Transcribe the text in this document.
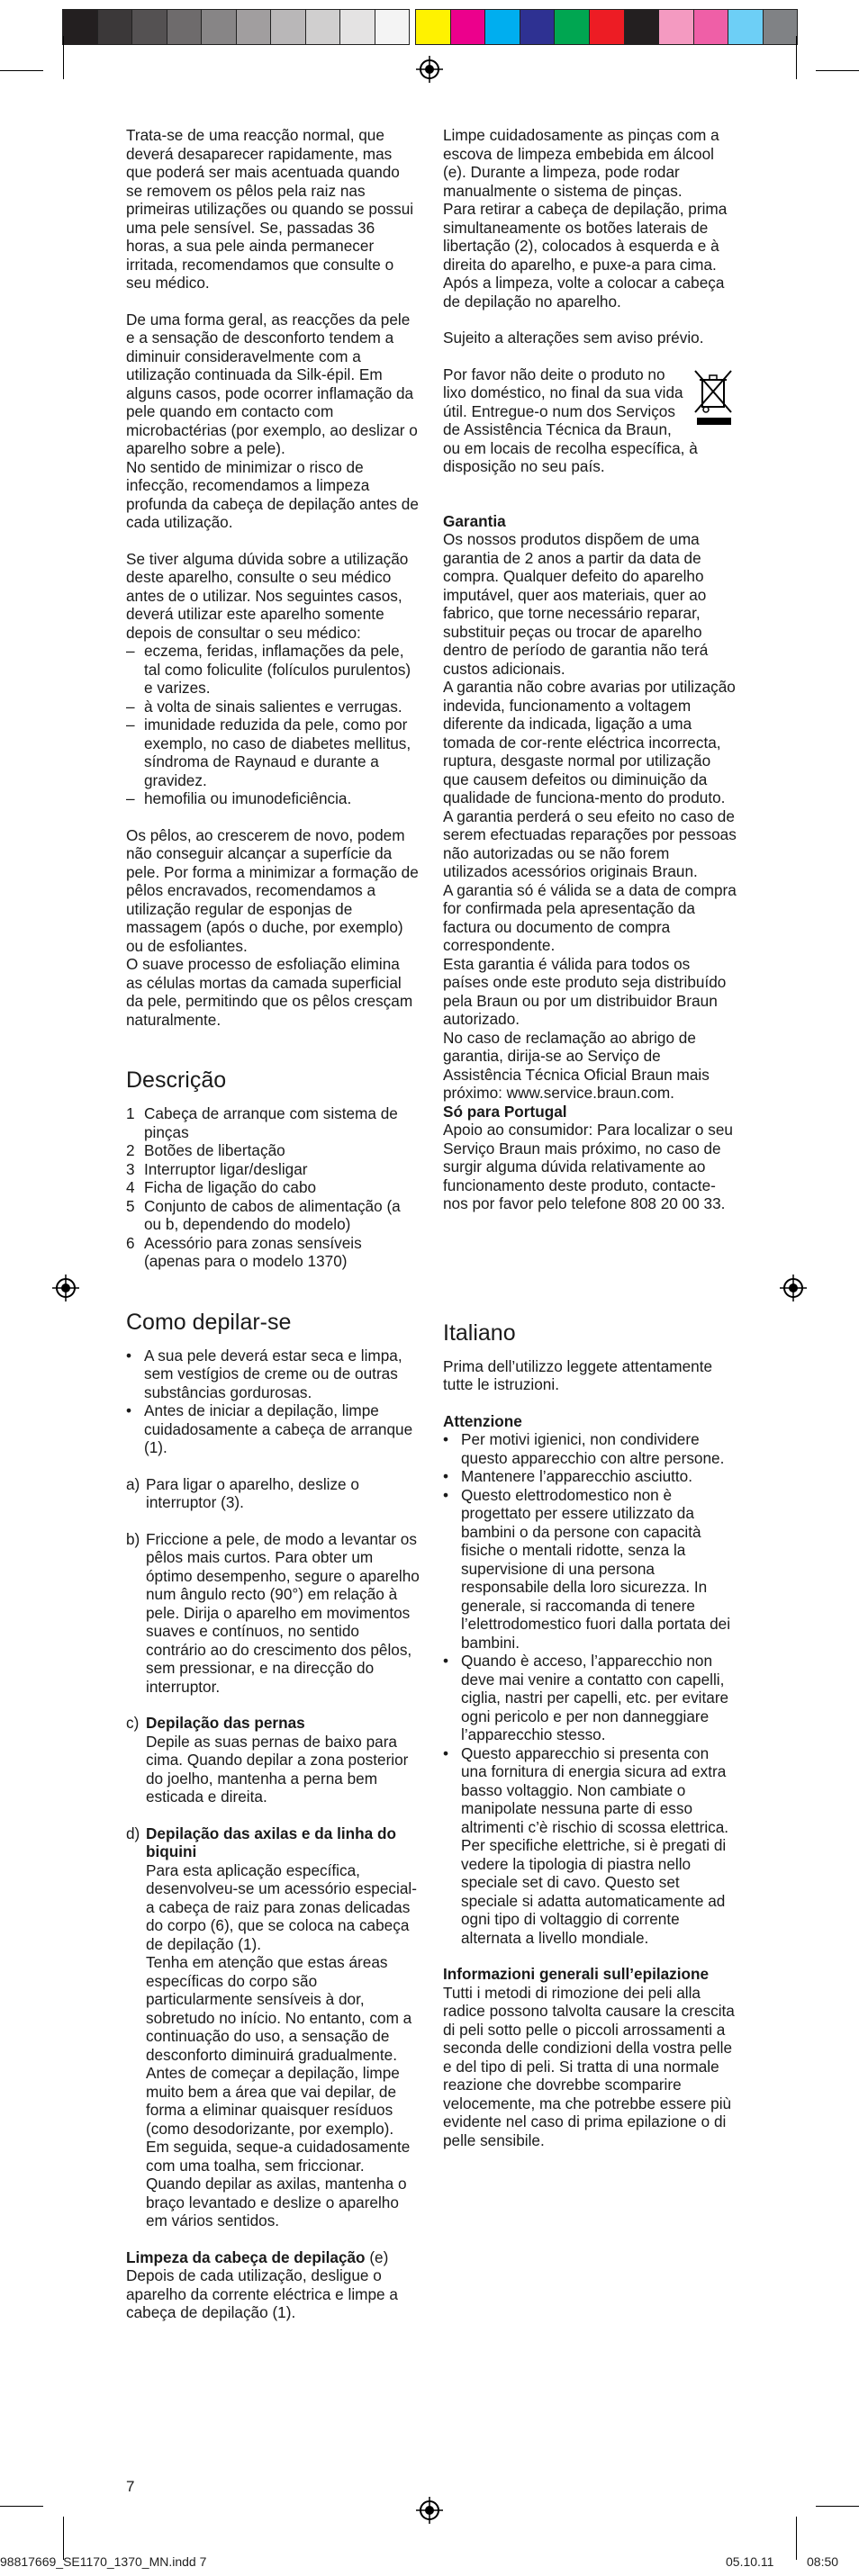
Trata-se de uma reacção normal, que deverá desaparecer rapidamente, mas que poderá ser mais acentuada quando se removem os pêlos pela raiz nas primeiras utilizações ou quando se possui uma pele sensível. Se, passadas 36 horas, a sua pele ainda permanecer irritada, recomendamos que consulte o seu médico.

De uma forma geral, as reacções da pele e a sensação de desconforto tendem a diminuir consideravelmente com a utilização continuada da Silk-épil. Em alguns casos, pode ocorrer inflamação da pele quando em contacto com microbactérias (por exemplo, ao deslizar o aparelho sobre a pele).

No sentido de minimizar o risco de infecção, recomendamos a limpeza profunda da cabeça de depilação antes de cada utilização.

Se tiver alguma dúvida sobre a utilização deste aparelho, consulte o seu médico antes de o utilizar. Nos seguintes casos, deverá utilizar este aparelho somente depois de consultar o seu médico:

– eczema, feridas, inflamações da pele, tal como foliculite (folículos purulentos) e varizes.
– à volta de sinais salientes e verrugas.
– imunidade reduzida da pele, como por exemplo, no caso de diabetes mellitus, síndroma de Raynaud e durante a gravidez.
– hemofilia ou imunodeficiência.

Os pêlos, ao crescerem de novo, podem não conseguir alcançar a superfície da pele. Por forma a minimizar a formação de pêlos encravados, recomendamos a utilização regular de esponjas de massagem (após o duche, por exemplo) ou de esfoliantes.

O suave processo de esfoliação elimina as células mortas da camada superficial da pele, permitindo que os pêlos cresçam naturalmente.

Descrição
1 Cabeça de arranque com sistema de pinças
2 Botões de libertação
3 Interruptor ligar/desligar
4 Ficha de ligação do cabo
5 Conjunto de cabos de alimentação (a ou b, dependendo do modelo)
6 Acessório para zonas sensíveis (apenas para o modelo 1370)
Como depilar-se
• A sua pele deverá estar seca e limpa, sem vestígios de creme ou de outras substâncias gordurosas.
• Antes de iniciar a depilação, limpe cuidadosamente a cabeça de arranque (1).
a) Para ligar o aparelho, deslize o interruptor (3).
b) Friccione a pele, de modo a levantar os pêlos mais curtos. Para obter um óptimo desempenho, segure o aparelho num ângulo recto (90°) em relação à pele. Dirija o aparelho em movimentos suaves e contínuos, no sentido contrário ao do crescimento dos pêlos, sem pressionar, e na direcção do interruptor.
c) Depilação das pernas
Depile as suas pernas de baixo para cima. Quando depilar a zona posterior do joelho, mantenha a perna bem esticada e direita.
d) Depilação das axilas e da linha do biquini
Para esta aplicação específica, desenvolveu-se um acessório especial-a cabeça de raiz para zonas delicadas do corpo (6), que se coloca na cabeça de depilação (1).
Tenha em atenção que estas áreas específicas do corpo são particularmente sensíveis à dor, sobretudo no início. No entanto, com a continuação do uso, a sensação de desconforto diminuirá gradualmente.
Antes de começar a depilação, limpe muito bem a área que vai depilar, de forma a eliminar quaisquer resíduos (como desodorizante, por exemplo). Em seguida, seque-a cuidadosamente com uma toalha, sem friccionar.
Quando depilar as axilas, mantenha o braço levantado e deslize o aparelho em vários sentidos.

Limpeza da cabeça de depilação (e)
Depois de cada utilização, desligue o aparelho da corrente eléctrica e limpe a cabeça de depilação (1).

Limpe cuidadosamente as pinças com a escova de limpeza embebida em álcool (e). Durante a limpeza, pode rodar manualmente o sistema de pinças.

Para retirar a cabeça de depilação, prima simultaneamente os botões laterais de libertação (2), colocados à esquerda e à direita do aparelho, e puxe-a para cima. Após a limpeza, volte a colocar a cabeça de depilação no aparelho.

Sujeito a alterações sem aviso prévio.

Por favor não deite o produto no lixo doméstico, no final da sua vida útil. Entregue-o num dos Serviços de Assistência Técnica da Braun, ou em locais de recolha específica, à disposição no seu país.

Garantia

Os nossos produtos dispõem de uma garantia de 2 anos a partir da data de compra. Qualquer defeito do aparelho imputável, quer aos materiais, quer ao fabrico, que torne necessário reparar, substituir peças ou trocar de aparelho dentro de período de garantia não terá custos adicionais.

A garantia não cobre avarias por utilização indevida, funcionamento a voltagem diferente da indicada, ligação a uma tomada de cor-rente eléctrica incorrecta, ruptura, desgaste normal por utilização que causem defeitos ou diminuição da qualidade de funciona-mento do produto.

A garantia perderá o seu efeito no caso de serem efectuadas reparações por pessoas não autorizadas ou se não forem utilizados acessórios originais Braun.

A garantia só é válida se a data de compra for confirmada pela apresentação da factura ou documento de compra correspondente.

Esta garantia é válida para todos os países onde este produto seja distribuído pela Braun ou por um distribuidor Braun autorizado.

No caso de reclamação ao abrigo de garantia, dirija-se ao Serviço de Assistência Técnica Oficial Braun mais próximo: www.service.braun.com.

Só para Portugal

Apoio ao consumidor: Para localizar o seu Serviço Braun mais próximo, no caso de surgir alguma dúvida relativamente ao funcionamento deste produto, contacte-nos por favor pelo telefone 808 20 00 33.

Italiano

Prima dell’utilizzo leggete attentamente tutte le istruzioni.

Attenzione
• Per motivi igienici, non condividere questo apparecchio con altre persone.
• Mantenere l’apparecchio asciutto.
• Questo elettrodomestico non è progettato per essere utilizzato da bambini o da persone con capacità fisiche o mentali ridotte, senza la supervisione di una persona responsabile della loro sicurezza. In generale, si raccomanda di tenere l’elettrodomestico fuori dalla portata dei bambini.
• Quando è acceso, l’apparecchio non deve mai venire a contatto con capelli, ciglia, nastri per capelli, etc. per evitare ogni pericolo e per non danneggiare l’apparecchio stesso.
• Questo apparecchio si presenta con una fornitura di energia sicura ad extra basso voltaggio. Non cambiate o manipolate nessuna parte di esso altrimenti c’è rischio di scossa elettrica. Per specifiche elettriche, si è pregati di vedere la tipologia di piastra nello speciale set di cavo. Questo set speciale si adatta automaticamente ad ogni tipo di voltaggio di corrente alternata a livello mondiale.
Informazioni generali sull’epilazione

Tutti i metodi di rimozione dei peli alla radice possono talvolta causare la crescita di peli sotto pelle o piccoli arrossamenti a seconda delle condizioni della vostra pelle e del tipo di peli. Si tratta di una normale reazione che dovrebbe scomparire velocemente, ma che potrebbe essere più evidente nel caso di prima epilazione o di pelle sensibile.

7
98817669_SE1170_1370_MN.indd 7	05.10.11	08:50
